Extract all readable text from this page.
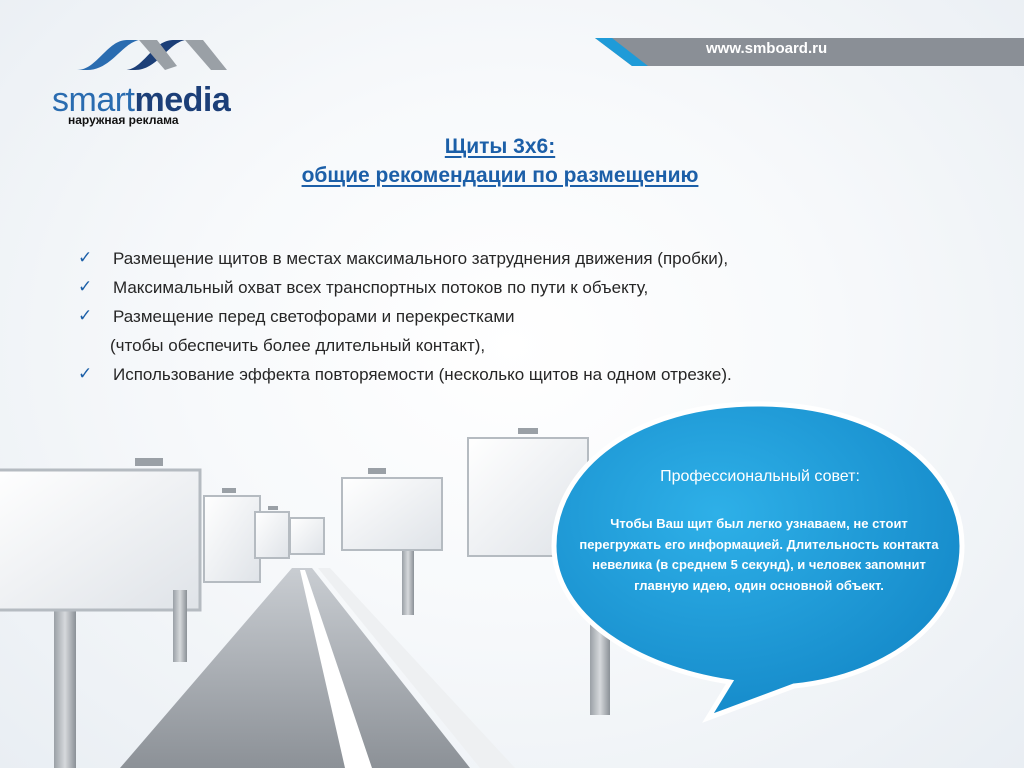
www.smboard.ru
smartmedia
наружная реклама
Щиты 3х6:
общие рекомендации по размещению
✓	Размещение щитов в местах максимального затруднения движения (пробки),
✓	Максимальный охват всех транспортных потоков по пути к объекту,
✓	Размещение перед светофорами и перекрестками
(чтобы обеспечить более длительный контакт),
✓	Использование эффекта повторяемости (несколько щитов на одном отрезке).
Профессиональный совет:
Чтобы Ваш щит был легко узнаваем, не стоит перегружать его информацией. Длительность контакта невелика (в среднем 5 секунд), и человек запомнит главную идею, один основной объект.
